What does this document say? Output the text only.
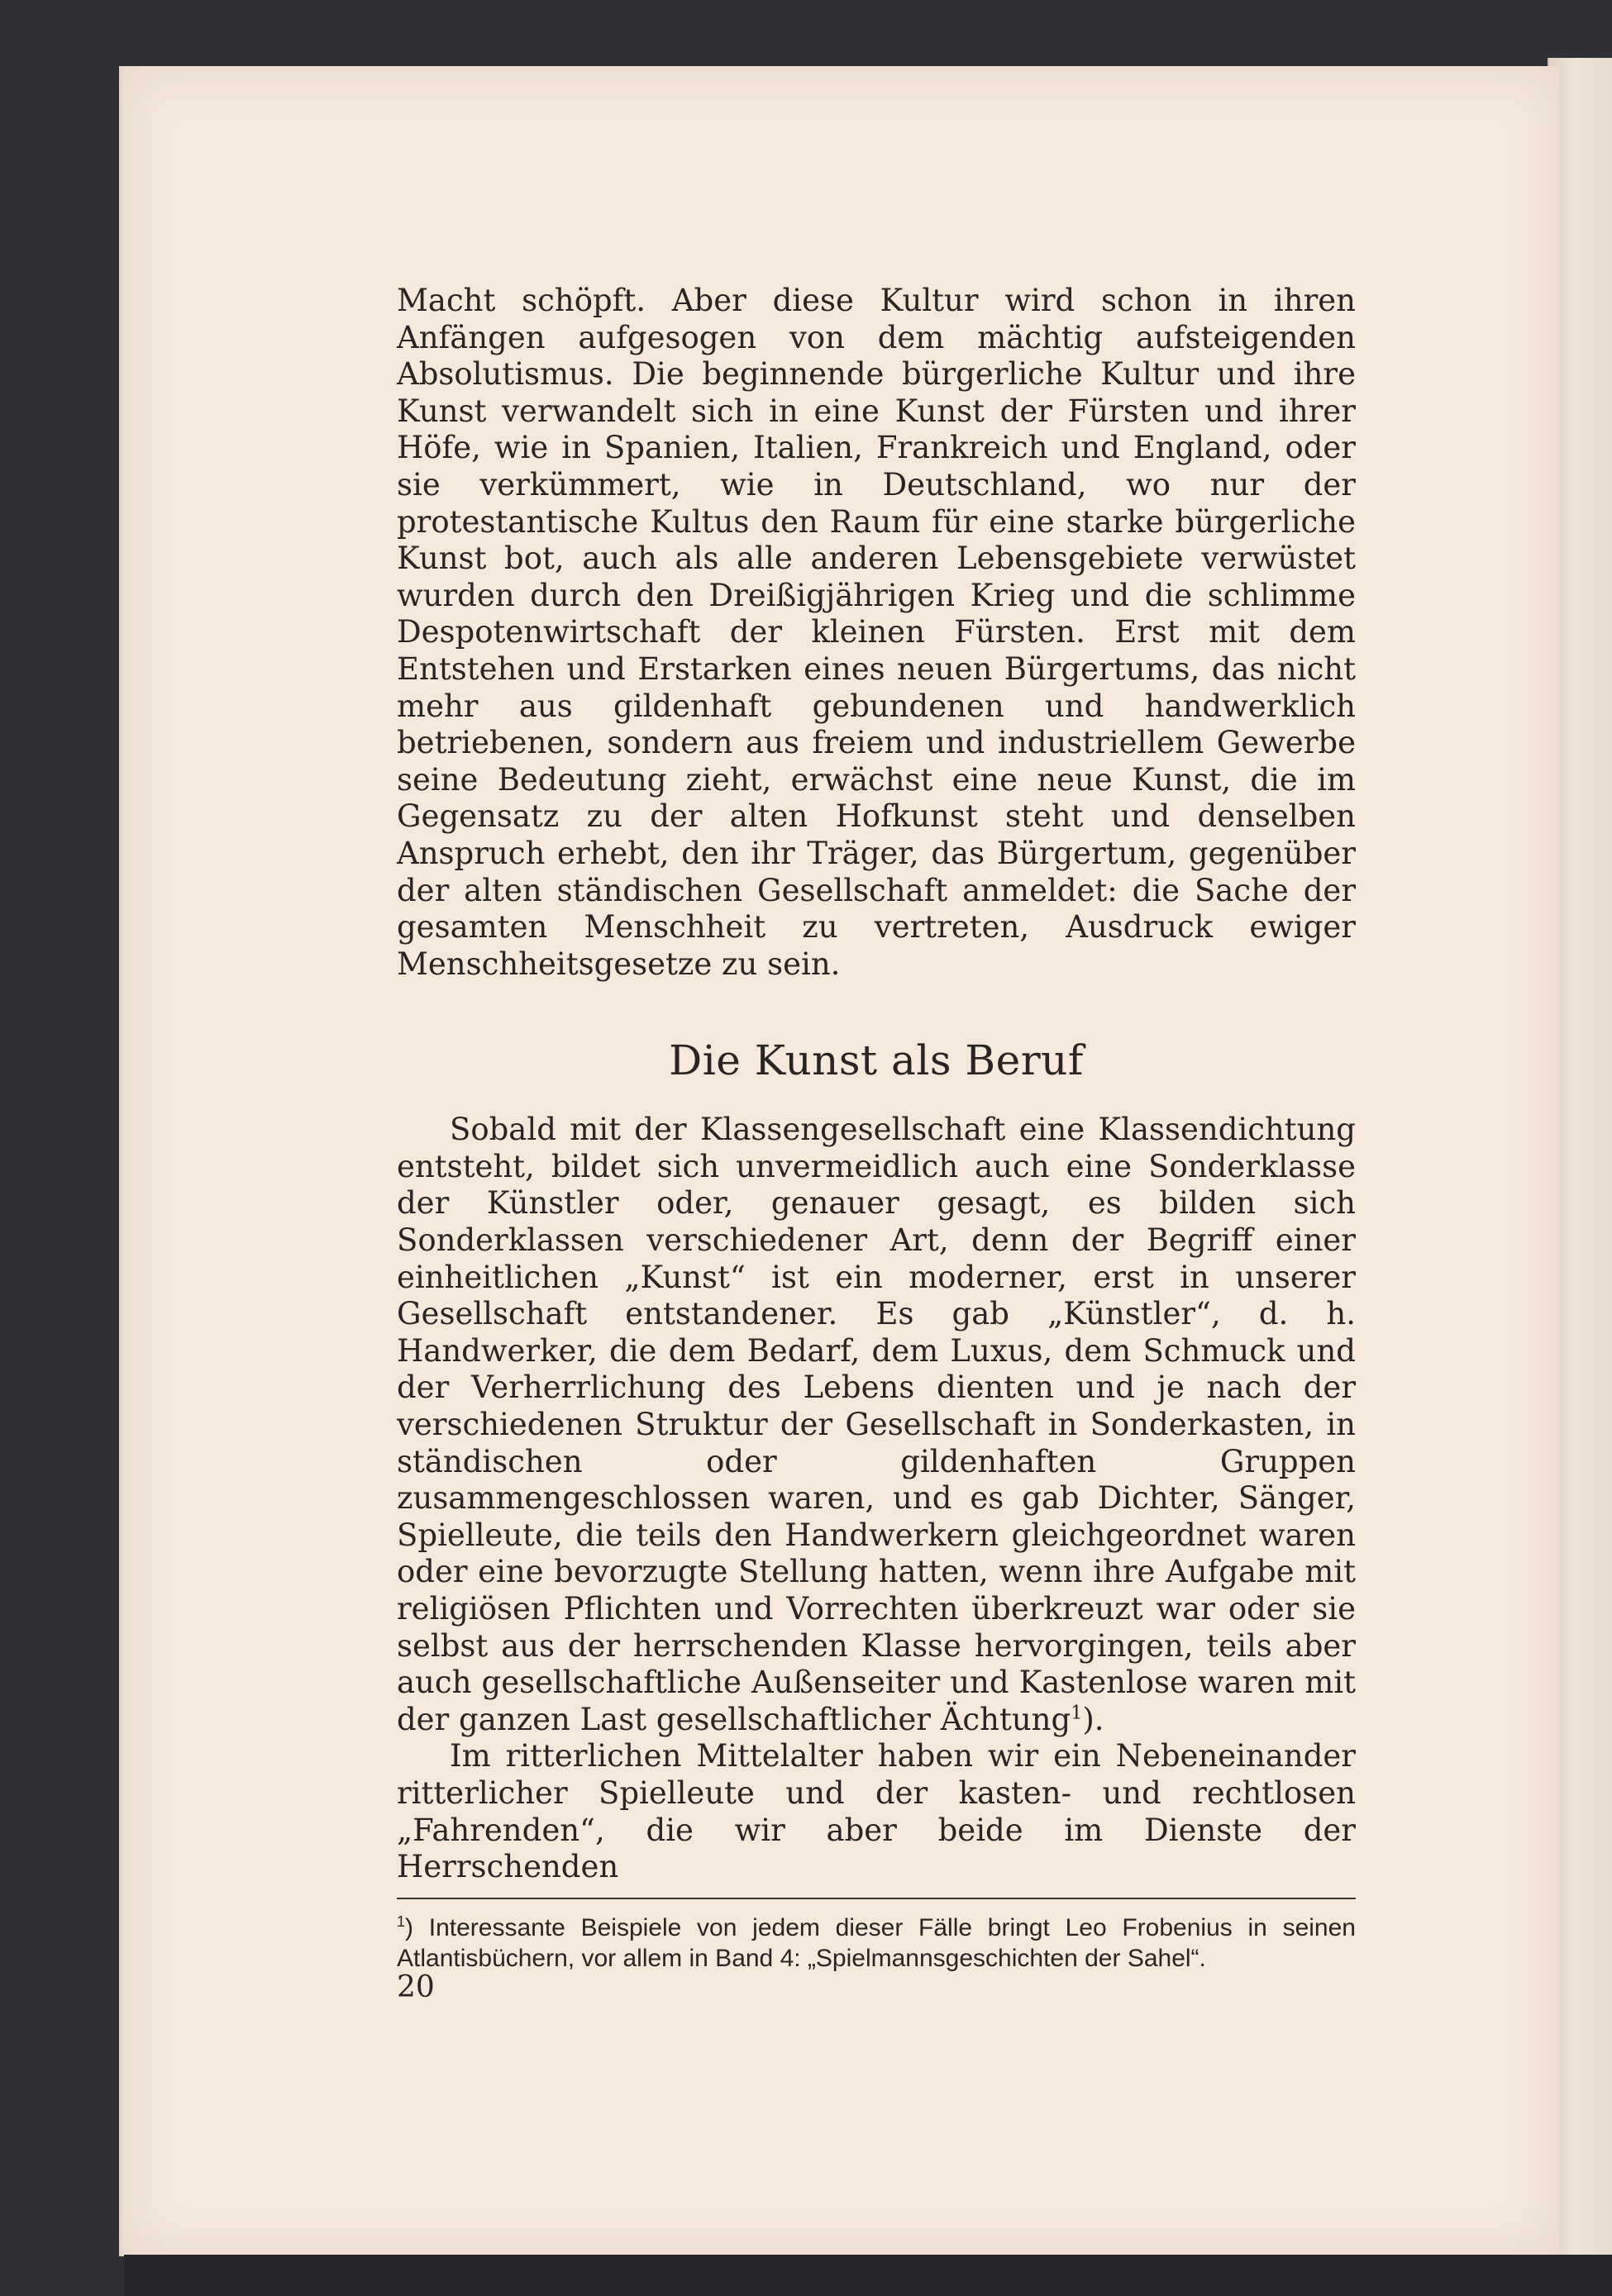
Macht schöpft. Aber diese Kultur wird schon in ihren Anfängen aufgesogen von dem mächtig aufsteigenden Absolutismus. Die beginnende bürgerliche Kultur und ihre Kunst verwandelt sich in eine Kunst der Fürsten und ihrer Höfe, wie in Spanien, Italien, Frankreich und England, oder sie verkümmert, wie in Deutschland, wo nur der protestantische Kultus den Raum für eine starke bürgerliche Kunst bot, auch als alle anderen Lebensgebiete verwüstet wurden durch den Dreißigjährigen Krieg und die schlimme Despotenwirtschaft der kleinen Fürsten. Erst mit dem Entstehen und Erstarken eines neuen Bürgertums, das nicht mehr aus gildenhaft gebundenen und handwerklich betriebenen, sondern aus freiem und industriellem Gewerbe seine Bedeutung zieht, erwächst eine neue Kunst, die im Gegensatz zu der alten Hofkunst steht und denselben Anspruch erhebt, den ihr Träger, das Bürgertum, gegenüber der alten ständischen Gesellschaft anmeldet: die Sache der gesamten Menschheit zu vertreten, Ausdruck ewiger Menschheitsgesetze zu sein.

Die Kunst als Beruf

Sobald mit der Klassengesellschaft eine Klassendichtung entsteht, bildet sich unvermeidlich auch eine Sonderklasse der Künstler oder, genauer gesagt, es bilden sich Sonderklassen verschiedener Art, denn der Begriff einer einheitlichen „Kunst“ ist ein moderner, erst in unserer Gesellschaft entstandener. Es gab „Künstler“, d. h. Handwerker, die dem Bedarf, dem Luxus, dem Schmuck und der Verherrlichung des Lebens dienten und je nach der verschiedenen Struktur der Gesellschaft in Sonderkasten, in ständischen oder gildenhaften Gruppen zusammengeschlossen waren, und es gab Dichter, Sänger, Spielleute, die teils den Handwerkern gleichgeordnet waren oder eine bevorzugte Stellung hatten, wenn ihre Aufgabe mit religiösen Pflichten und Vorrechten überkreuzt war oder sie selbst aus der herrschenden Klasse hervorgingen, teils aber auch gesellschaftliche Außenseiter und Kastenlose waren mit der ganzen Last gesellschaftlicher Ächtung$^1$).

Im ritterlichen Mittelalter haben wir ein Nebeneinander ritterlicher Spielleute und der kasten- und rechtlosen „Fahrenden“, die wir aber beide im Dienste der Herrschenden

$^1$) Interessante Beispiele von jedem dieser Fälle bringt Leo Frobenius in seinen Atlantisbüchern, vor allem in Band 4: „Spielmannsgeschichten der Sahel“.

20
